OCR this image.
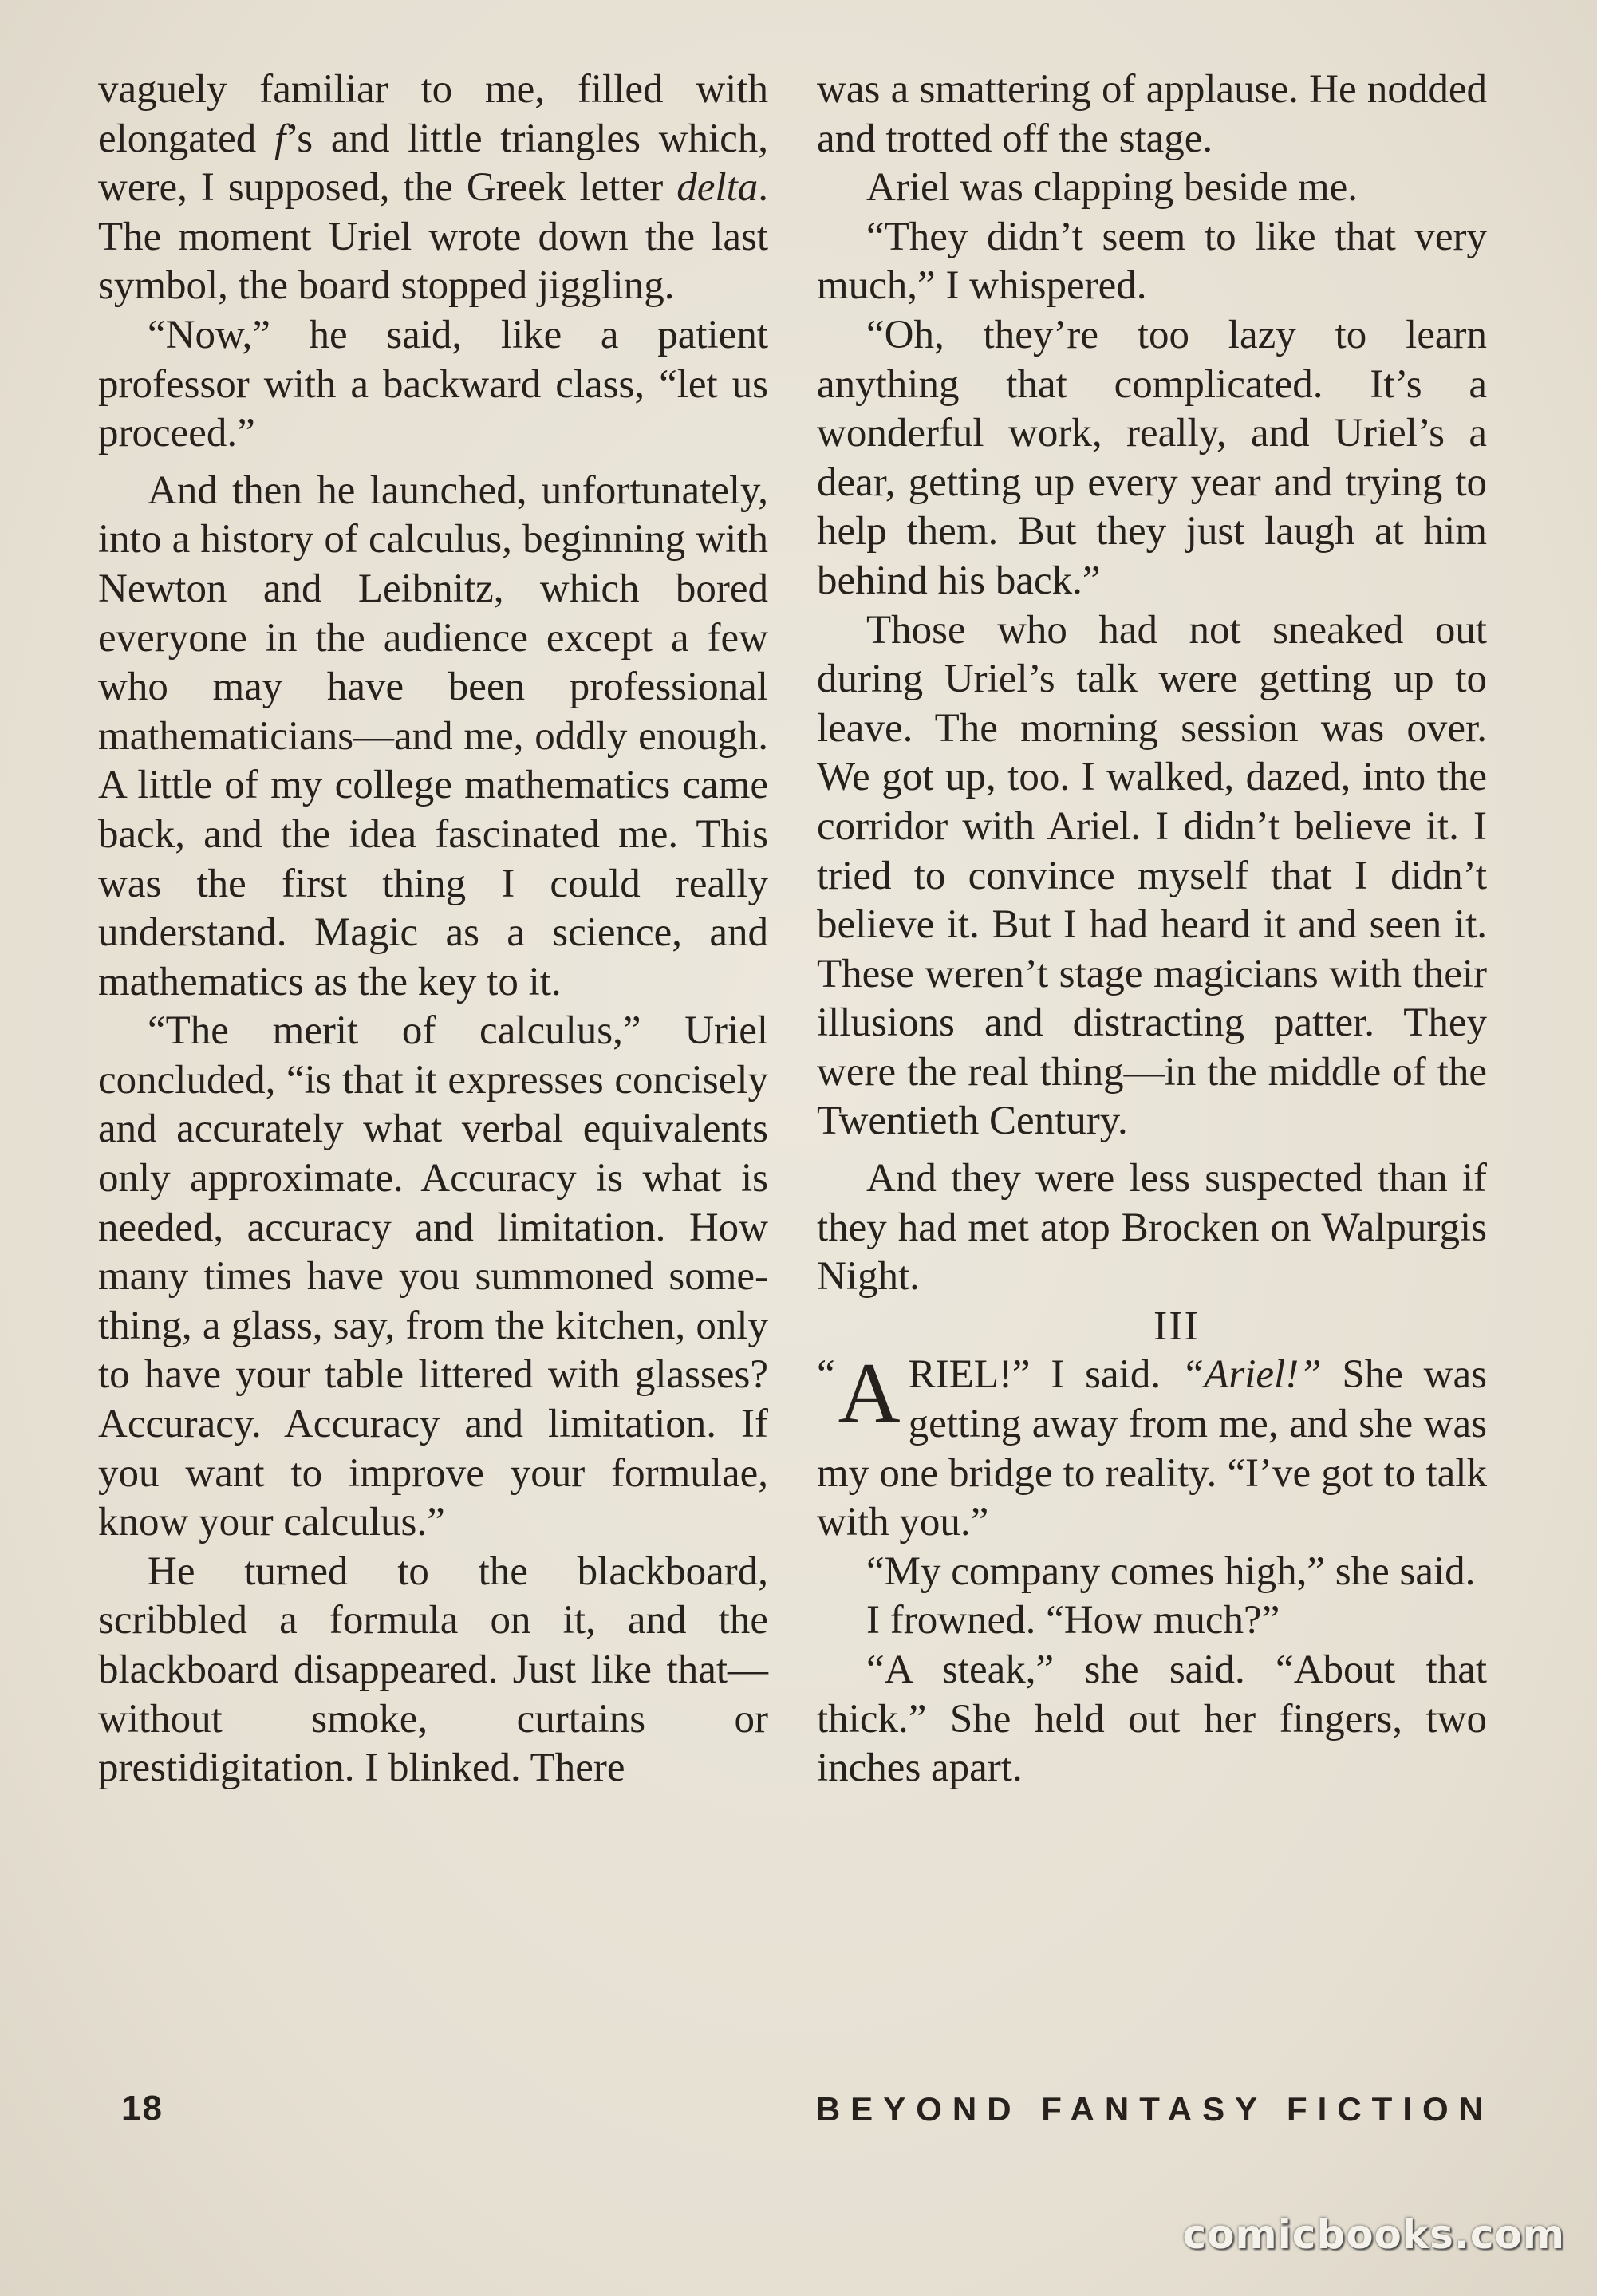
vaguely familiar to me, filled with elongated f’s and little triangles which, were, I supposed, the Greek letter delta. The moment Uriel wrote down the last symbol, the board stopped jiggling.

“Now,” he said, like a patient professor with a backward class, “let us proceed.”

And then he launched, unfortunately, into a history of calculus, beginning with Newton and Leibnitz, which bored everyone in the audience except a few who may have been professional mathematicians—and me, oddly enough. A little of my college mathematics came back, and the idea fascinated me. This was the first thing I could really understand. Magic as a science, and mathematics as the key to it.

“The merit of calculus,” Uriel concluded, “is that it expresses concisely and accurately what verbal equivalents only approximate. Accuracy is what is needed, accuracy and limitation. How many times have you summoned something, a glass, say, from the kitchen, only to have your table littered with glasses? Accuracy. Accuracy and limitation. If you want to improve your formulae, know your calculus.”

He turned to the blackboard, scribbled a formula on it, and the blackboard disappeared. Just like that—without smoke, curtains or prestidigitation. I blinked. There

was a smattering of applause. He nodded and trotted off the stage.

Ariel was clapping beside me.

“They didn’t seem to like that very much,” I whispered.

“Oh, they’re too lazy to learn anything that complicated. It’s a wonderful work, really, and Uriel’s a dear, getting up every year and trying to help them. But they just laugh at him behind his back.”

Those who had not sneaked out during Uriel’s talk were getting up to leave. The morning session was over. We got up, too. I walked, dazed, into the corridor with Ariel. I didn’t believe it. I tried to convince myself that I didn’t believe it. But I had heard it and seen it. These weren’t stage magicians with their illusions and distracting patter. They were the real thing—in the middle of the Twentieth Century.

And they were less suspected than if they had met atop Brocken on Walpurgis Night.

III

“ A RIEL!” I said. “Ariel!” She was getting away from me, and she was my one bridge to reality. “I’ve got to talk with you.”

“My company comes high,” she said.

I frowned. “How much?”

“A steak,” she said. “About that thick.” She held out her fingers, two inches apart.

18	BEYOND FANTASY FICTION
comicbooks.com
